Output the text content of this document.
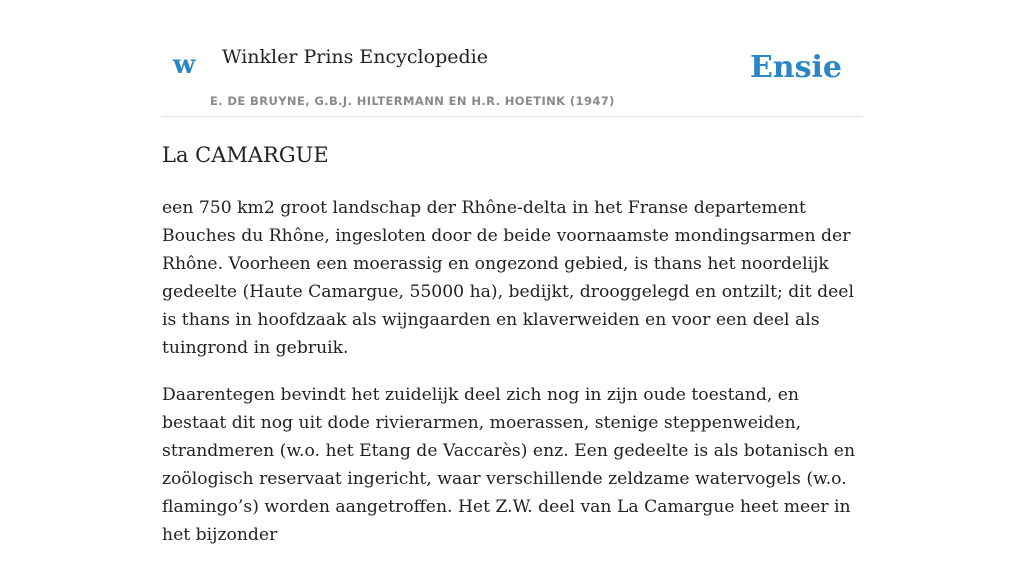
w Winkler Prins Encyclopedie
E. DE BRUYNE, G.B.J. HILTERMANN EN H.R. HOETINK (1947)
Ensie
La CAMARGUE

een 750 km2 groot landschap der Rhône-delta in het Franse departement Bouches du Rhône, ingesloten door de beide voornaamste mondingsarmen der Rhône. Voorheen een moerassig en ongezond gebied, is thans het noordelijk gedeelte (Haute Camargue, 55000 ha), bedijkt, drooggelegd en ontzilt; dit deel is thans in hoofdzaak als wijngaarden en klaverweiden en voor een deel als tuingrond in gebruik.

Daarentegen bevindt het zuidelijk deel zich nog in zijn oude toestand, en bestaat dit nog uit dode rivierarmen, moerassen, stenige steppenweiden, strandmeren (w.o. het Etang de Vaccarès) enz. Een gedeelte is als botanisch en zoölogisch reservaat ingericht, waar verschillende zeldzame watervogels (w.o. flamingo’s) worden aangetroffen. Het Z.W. deel van La Camargue heet meer in het bijzonder
